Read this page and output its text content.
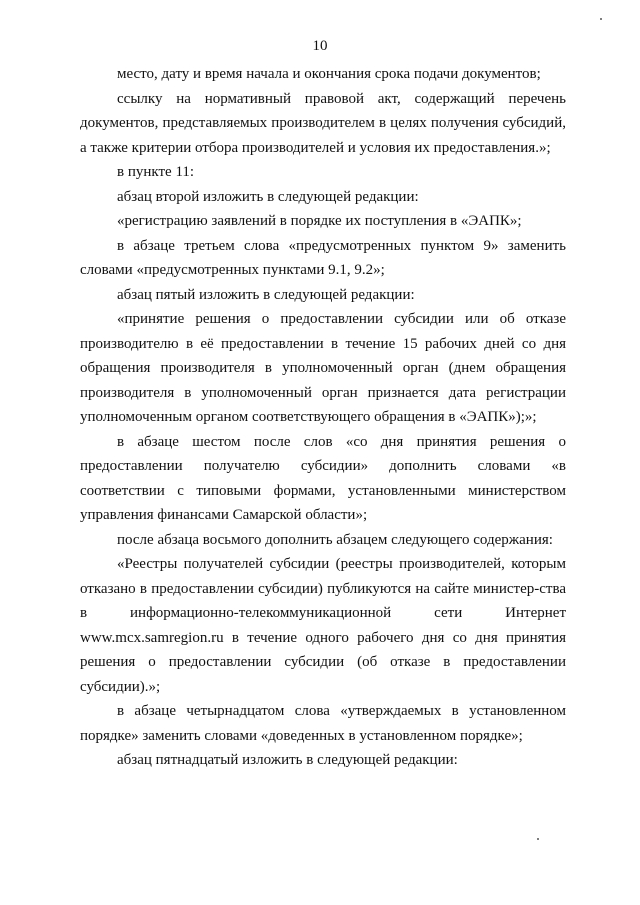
10

место, дату и время начала и окончания срока подачи документов;

ссылку на нормативный правовой акт, содержащий перечень документов, представляемых производителем в целях получения субсидий, а также критерии отбора производителей и условия их предоставления.»;

в пункте 11:

абзац второй изложить в следующей редакции:

«регистрацию заявлений в порядке их поступления в «ЭАПК»;

в абзаце третьем слова «предусмотренных пунктом 9» заменить словами «предусмотренных пунктами 9.1, 9.2»;

абзац пятый изложить в следующей редакции:

«принятие решения о предоставлении субсидии или об отказе производителю в её предоставлении в течение 15 рабочих дней со дня обращения производителя в уполномоченный орган (днем обращения производителя в уполномоченный орган признается дата регистрации уполномоченным органом соответствующего обращения в «ЭАПК»);»;

в абзаце шестом после слов «со дня принятия решения о предоставлении получателю субсидии» дополнить словами «в соответствии с типовыми формами, установленными министерством управления финансами Самарской области»;

после абзаца восьмого дополнить абзацем следующего содержания:

«Реестры получателей субсидии (реестры производителей, которым отказано в предоставлении субсидии) публикуются на сайте министер-ства в информационно-телекоммуникационной сети Интернет www.mcx.samregion.ru в течение одного рабочего дня со дня принятия решения о предоставлении субсидии (об отказе в предоставлении субсидии).»;

в абзаце четырнадцатом слова «утверждаемых в установленном порядке» заменить словами «доведенных в установленном порядке»;

абзац пятнадцатый изложить в следующей редакции:
